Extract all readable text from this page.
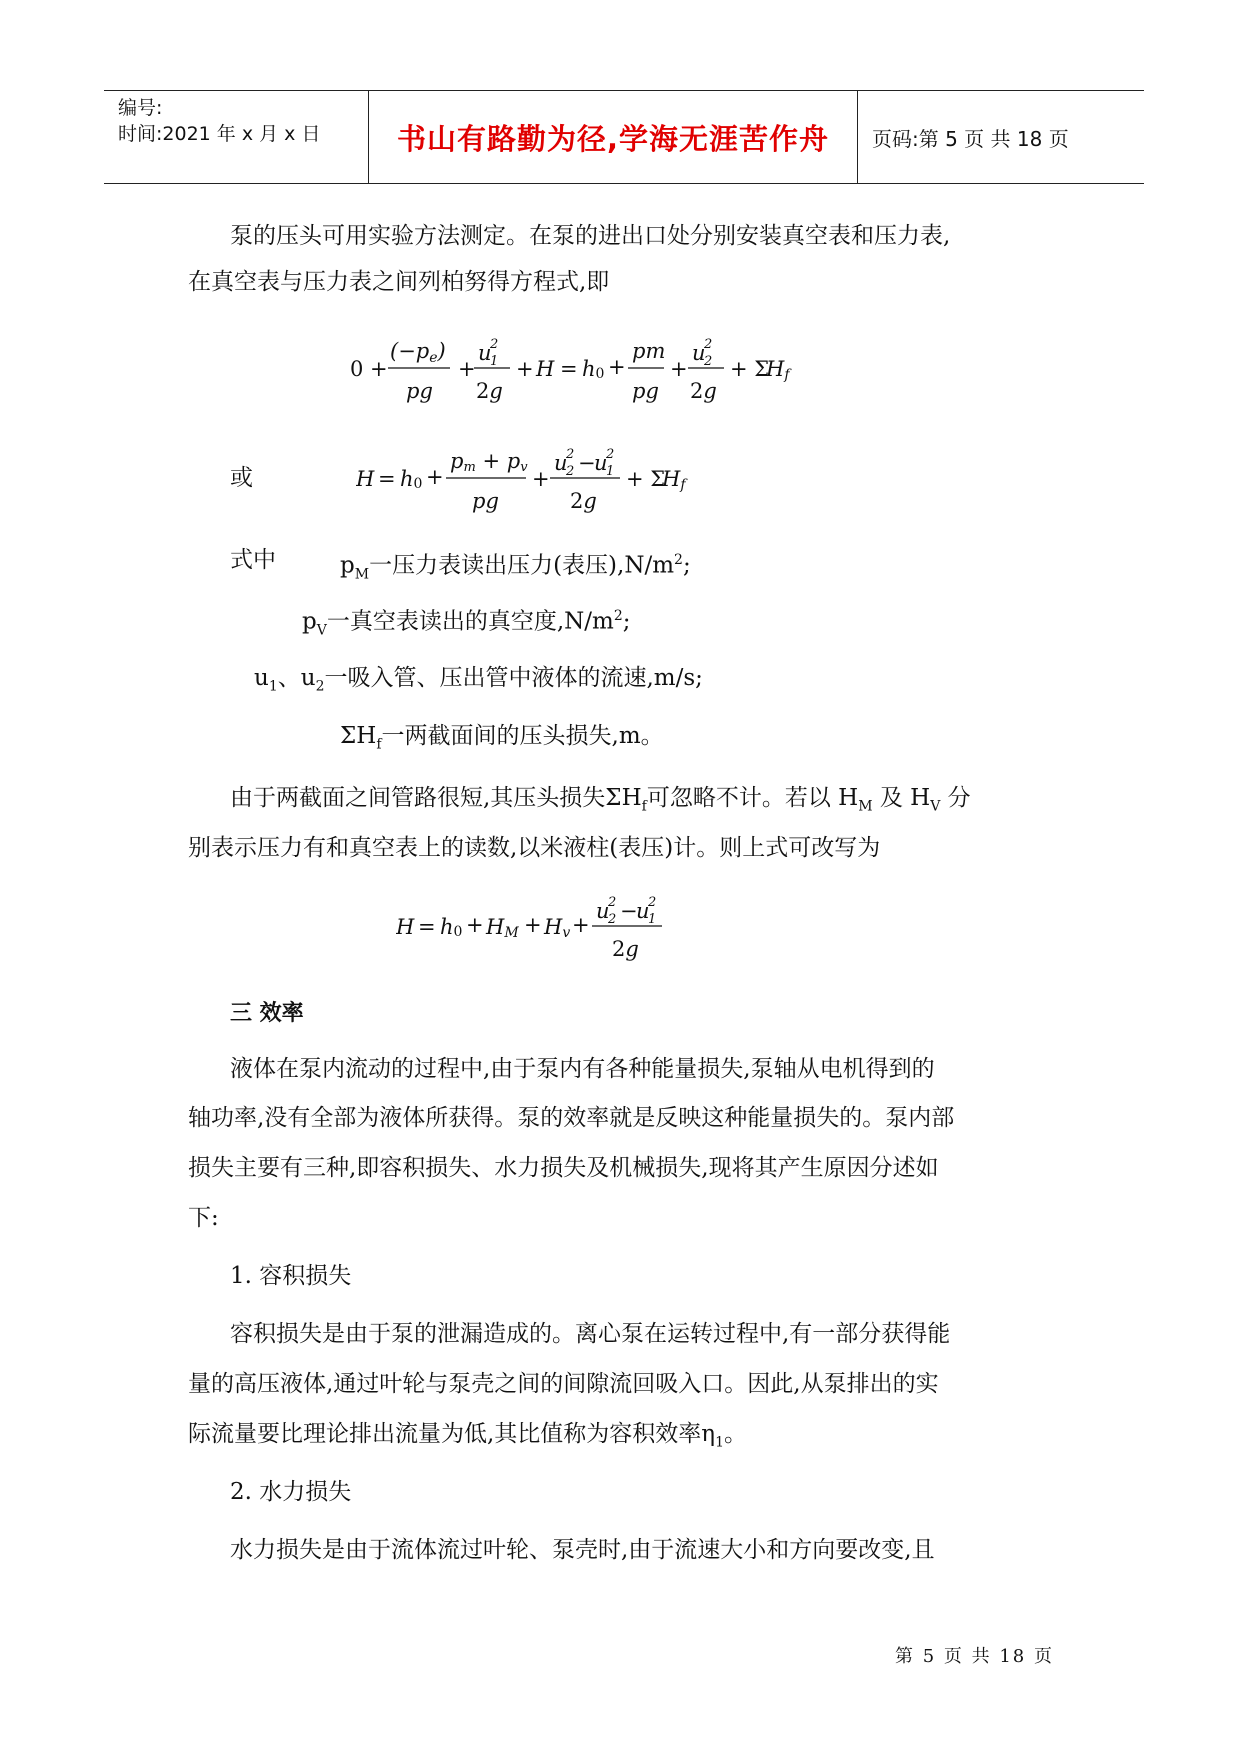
编号:
时间:2021 年 x 月 x 日	书山有路勤为径,学海无涯苦作舟 页码:第 5 页 共 18 页
泵的压头可用实验方法测定。在泵的进出口处分别安装真空表和压力表,
在真空表与压力表之间列柏努得方程式,即
0 +
(−pe)
pg
+
u
1
2
2g
+ H = h0 +
pm
pg
+
u
2
2
2g
+ Σ
Hf
或	H = h0 +
pm + pv
pg
+
u
2
2 −
u
1
2
2g
+ Σ
Hf
式中	$p_M$一压力表读出压力(表压)$,N/m^2$;
$p_V$一真空表读出的真空度$,N/m^2$;
$u_1$、$u_2$一吸入管、压出管中液体的流速,m/s;
$\Sigma H_f$一两截面间的压头损失,m。
由于两截面之间管路很短,其压头损失$\Sigma H_f$可忽略不计。若以 $H_M$ 及 $H_V$ 分
别表示压力有和真空表上的读数,以米液柱(表压)计。则上式可改写为
H = h0 + HM + Hv +
u
2
2 −
u
1
2
2g
三 效率
液体在泵内流动的过程中,由于泵内有各种能量损失,泵轴从电机得到的
轴功率,没有全部为液体所获得。泵的效率就是反映这种能量损失的。泵内部
损失主要有三种,即容积损失、水力损失及机械损失,现将其产生原因分述如
下:
1. 容积损失
容积损失是由于泵的泄漏造成的。离心泵在运转过程中,有一部分获得能
量的高压液体,通过叶轮与泵壳之间的间隙流回吸入口。因此,从泵排出的实
际流量要比理论排出流量为低,其比值称为容积效率$\eta_1$。
2. 水力损失
水力损失是由于流体流过叶轮、泵壳时,由于流速大小和方向要改变,且
第 5 页 共 18 页
